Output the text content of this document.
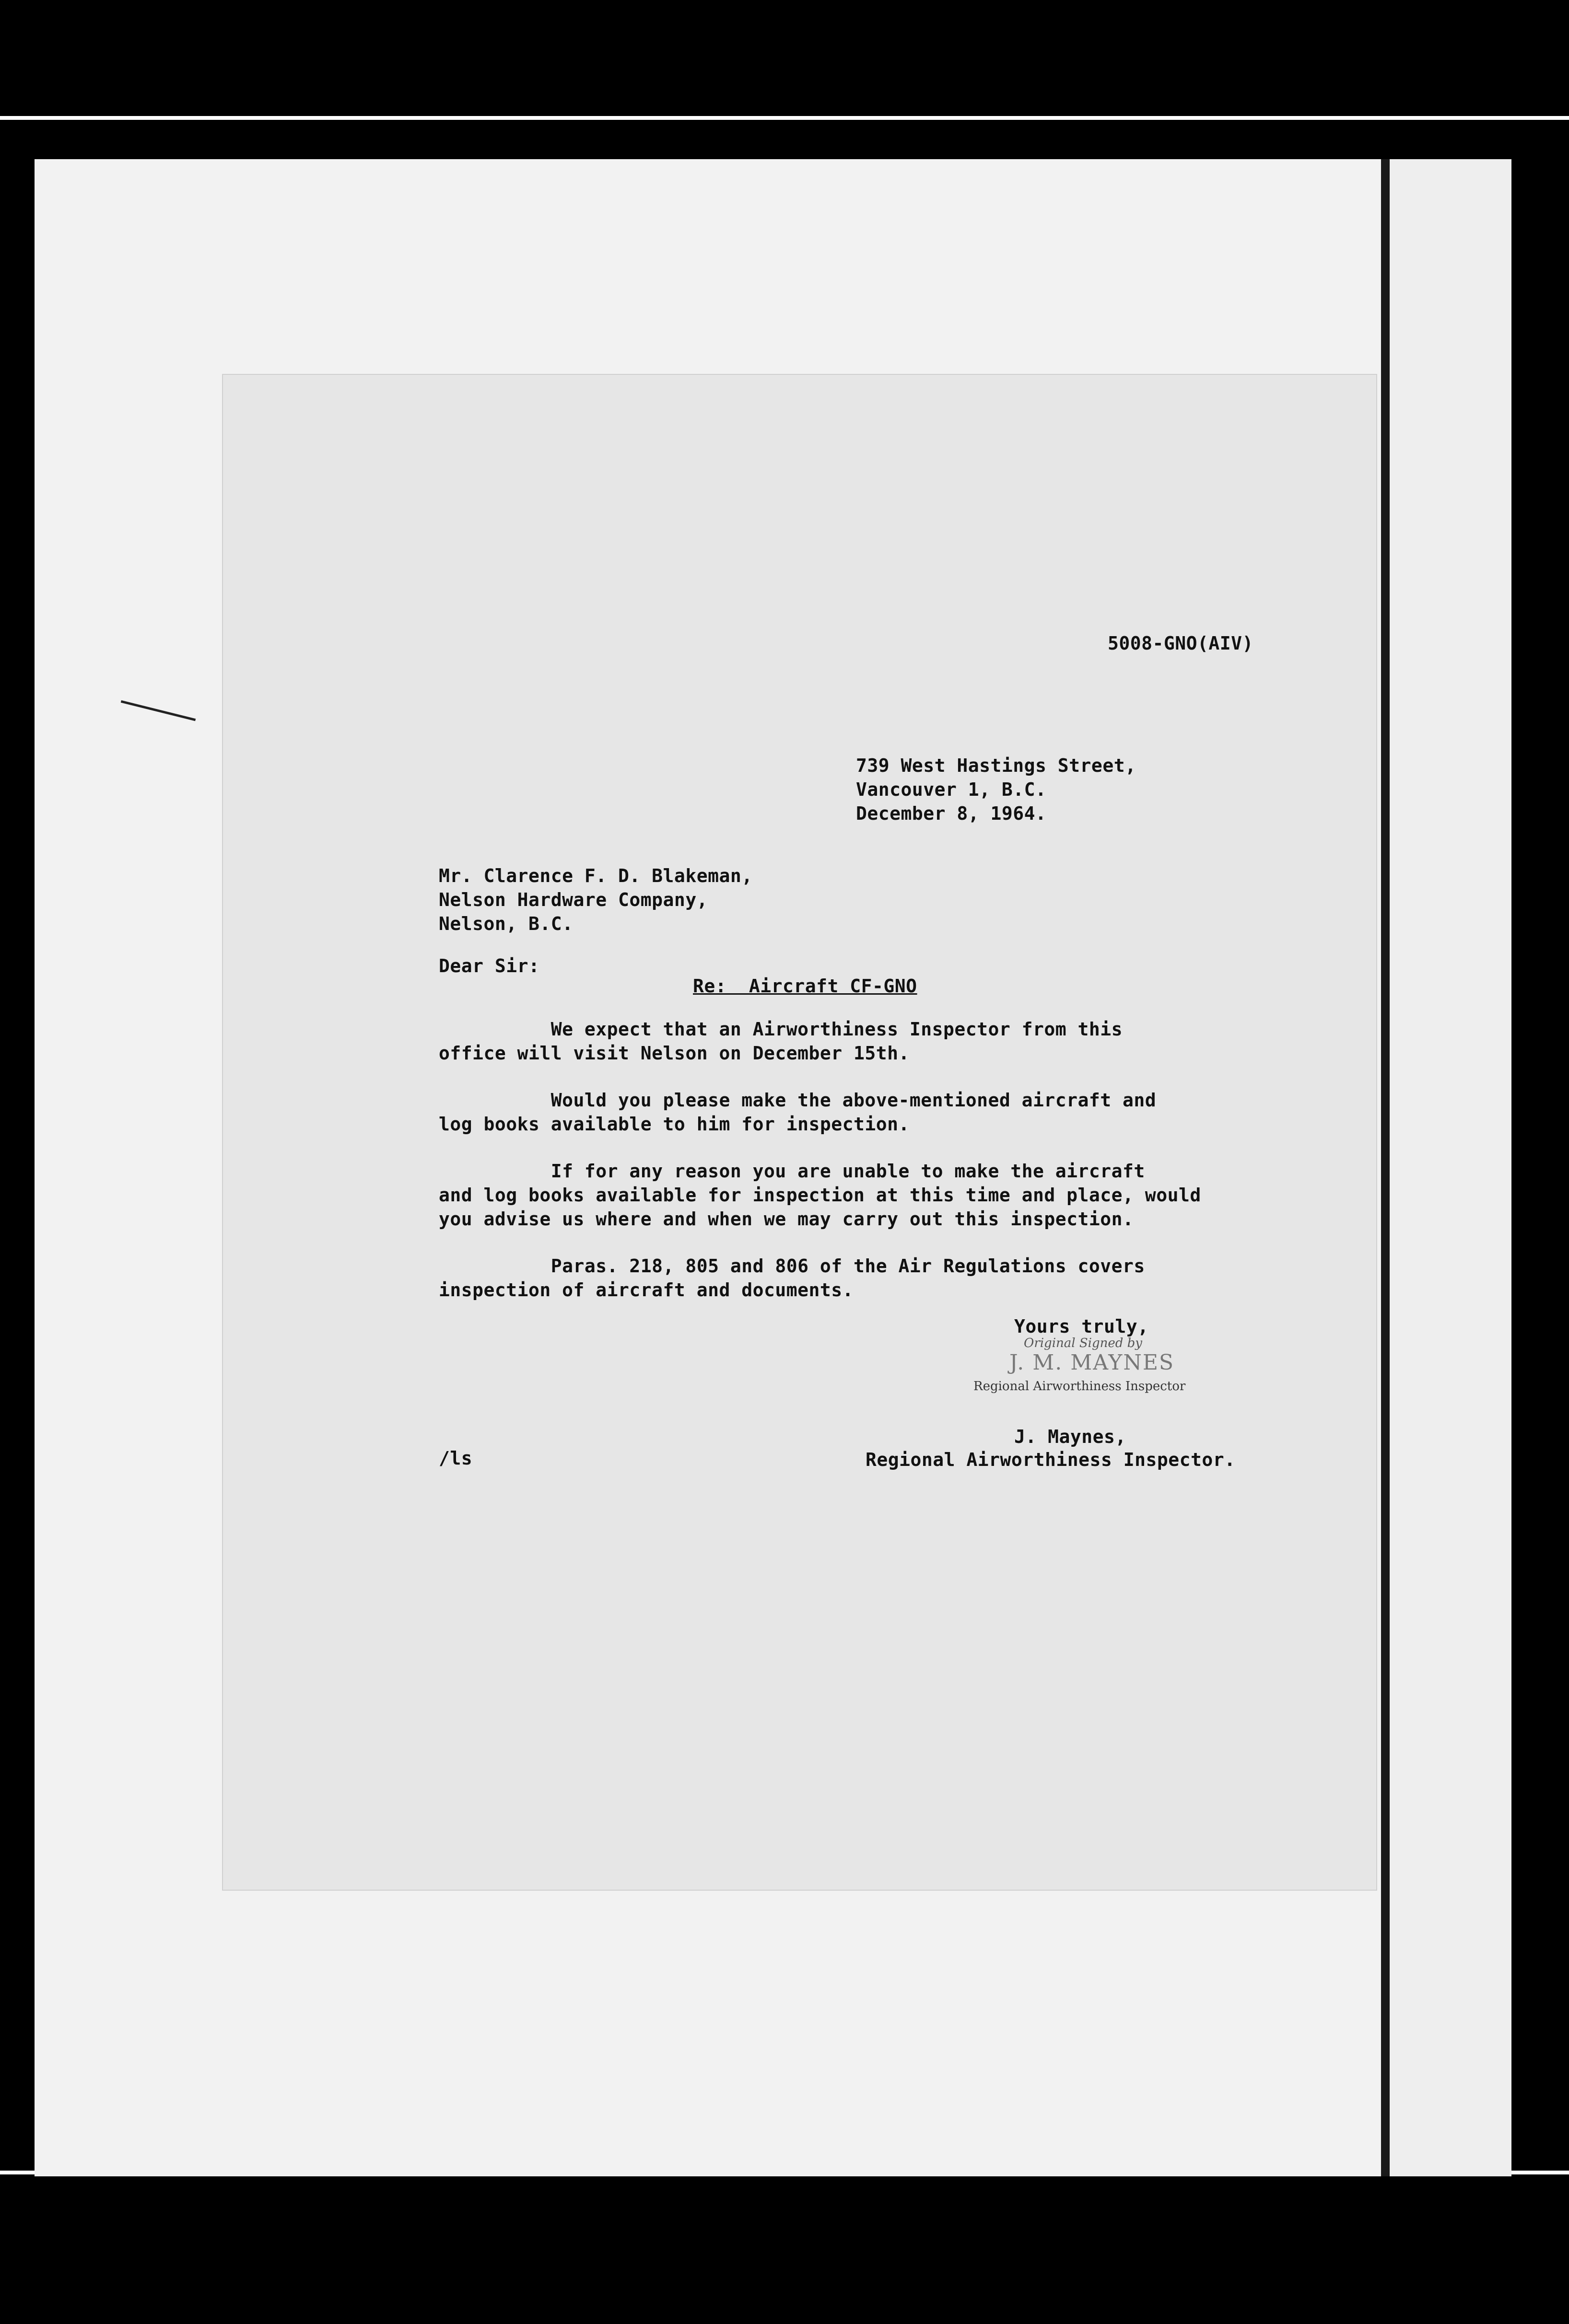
5008-GNO(AIV)
739 West Hastings Street,
Vancouver 1, B.C.
December 8, 1964.
Mr. Clarence F. D. Blakeman,
Nelson Hardware Company,
Nelson, B.C.
Dear Sir:
Re:  Aircraft CF-GNO
We expect that an Airworthiness Inspector from this
office will visit Nelson on December 15th.
Would you please make the above-mentioned aircraft and
log books available to him for inspection.
If for any reason you are unable to make the aircraft
and log books available for inspection at this time and place, would
you advise us where and when we may carry out this inspection.
Paras. 218, 805 and 806 of the Air Regulations covers
inspection of aircraft and documents.
Yours truly,
Original Signed by
J. M. MAYNES
Regional Airworthiness Inspector
/ls
J. Maynes,
Regional Airworthiness Inspector.
